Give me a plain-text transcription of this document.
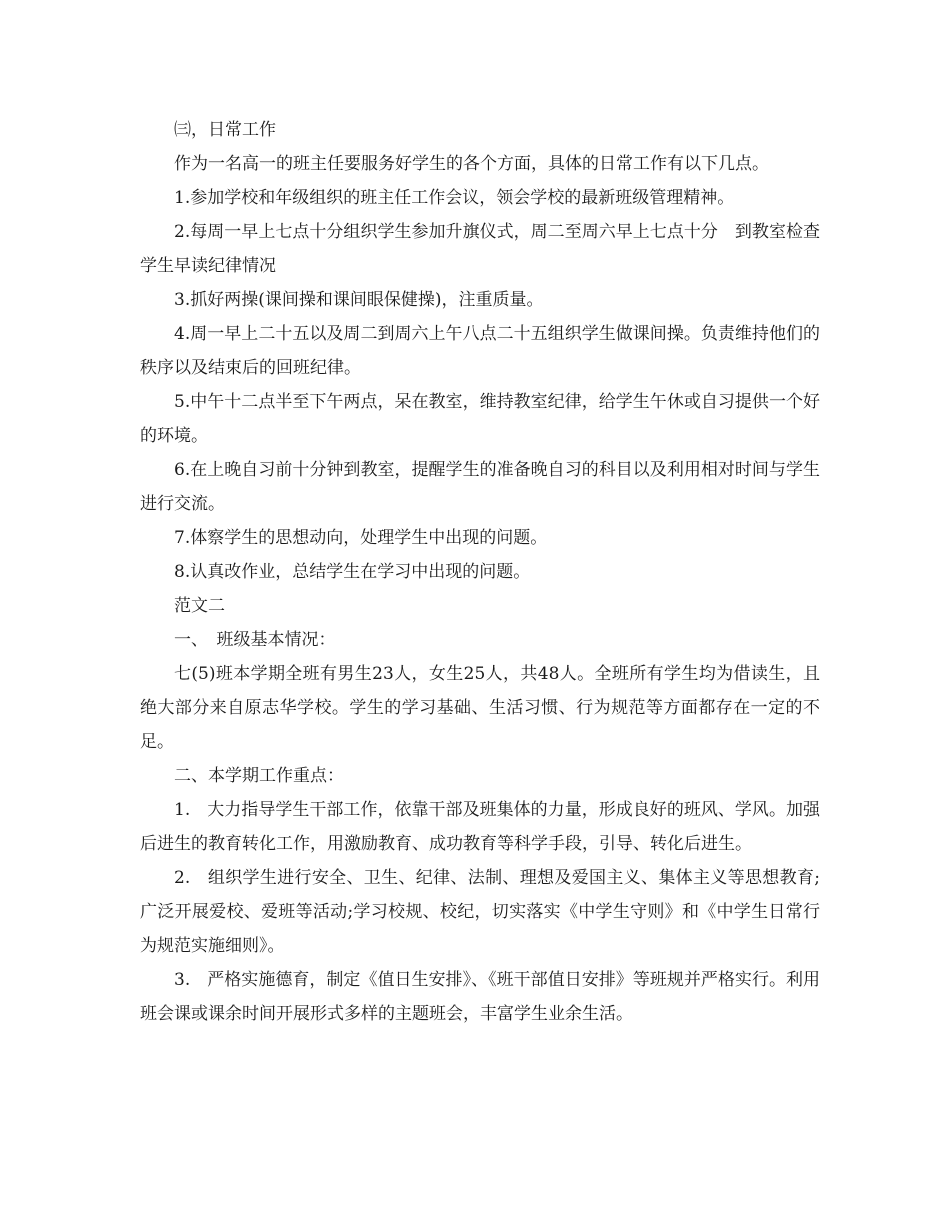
㈢，日常工作

作为一名高一的班主任要服务好学生的各个方面，具体的日常工作有以下几点。

1.参加学校和年级组织的班主任工作会议，领会学校的最新班级管理精神。

2.每周一早上七点十分组织学生参加升旗仪式，周二至周六早上七点十分　到教室检查学生早读纪律情况

3.抓好两操(课间操和课间眼保健操)，注重质量。

4.周一早上二十五以及周二到周六上午八点二十五组织学生做课间操。负责维持他们的秩序以及结束后的回班纪律。

5.中午十二点半至下午两点，呆在教室，维持教室纪律，给学生午休或自习提供一个好的环境。

6.在上晚自习前十分钟到教室，提醒学生的准备晚自习的科目以及利用相对时间与学生进行交流。

7.体察学生的思想动向，处理学生中出现的问题。

8.认真改作业，总结学生在学习中出现的问题。

范文二

一、　班级基本情况：

七(5)班本学期全班有男生23人，女生25人，共48人。全班所有学生均为借读生，且绝大部分来自原志华学校。学生的学习基础、生活习惯、行为规范等方面都存在一定的不足。

二、本学期工作重点：

1.　大力指导学生干部工作，依靠干部及班集体的力量，形成良好的班风、学风。加强后进生的教育转化工作，用激励教育、成功教育等科学手段，引导、转化后进生。

2.　组织学生进行安全、卫生、纪律、法制、理想及爱国主义、集体主义等思想教育;广泛开展爱校、爱班等活动;学习校规、校纪，切实落实《中学生守则》和《中学生日常行为规范实施细则》。

3.　严格实施德育，制定《值日生安排》、《班干部值日安排》等班规并严格实行。利用班会课或课余时间开展形式多样的主题班会，丰富学生业余生活。
